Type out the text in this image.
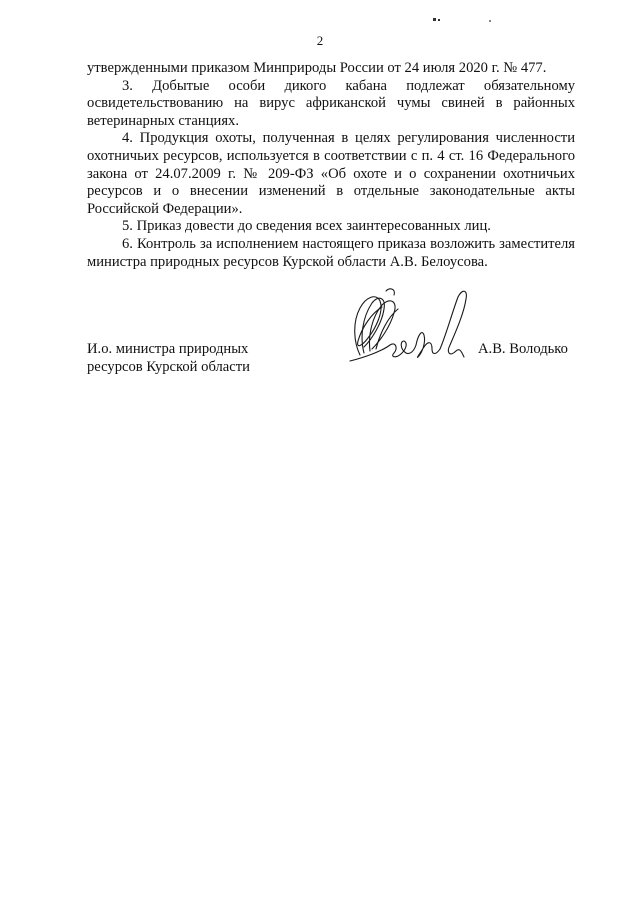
2

утвержденными приказом Минприроды России от 24 июля 2020 г. № 477.

3. Добытые особи дикого кабана подлежат обязательному освидетельствованию на вирус африканской чумы свиней в районных ветеринарных станциях.

4. Продукция охоты, полученная в целях регулирования численности охотничьих ресурсов, используется в соответствии с п. 4 ст. 16 Федерального закона от 24.07.2009 г. № 209-ФЗ «Об охоте и о сохранении охотничьих ресурсов и о внесении изменений в отдельные законодательные акты Российской Федерации».

5. Приказ довести до сведения всех заинтересованных лиц.

6. Контроль за исполнением настоящего приказа возложить заместителя министра природных ресурсов Курской области А.В. Белоусова.

И.о. министра природных
ресурсов Курской области
А.В. Володько
